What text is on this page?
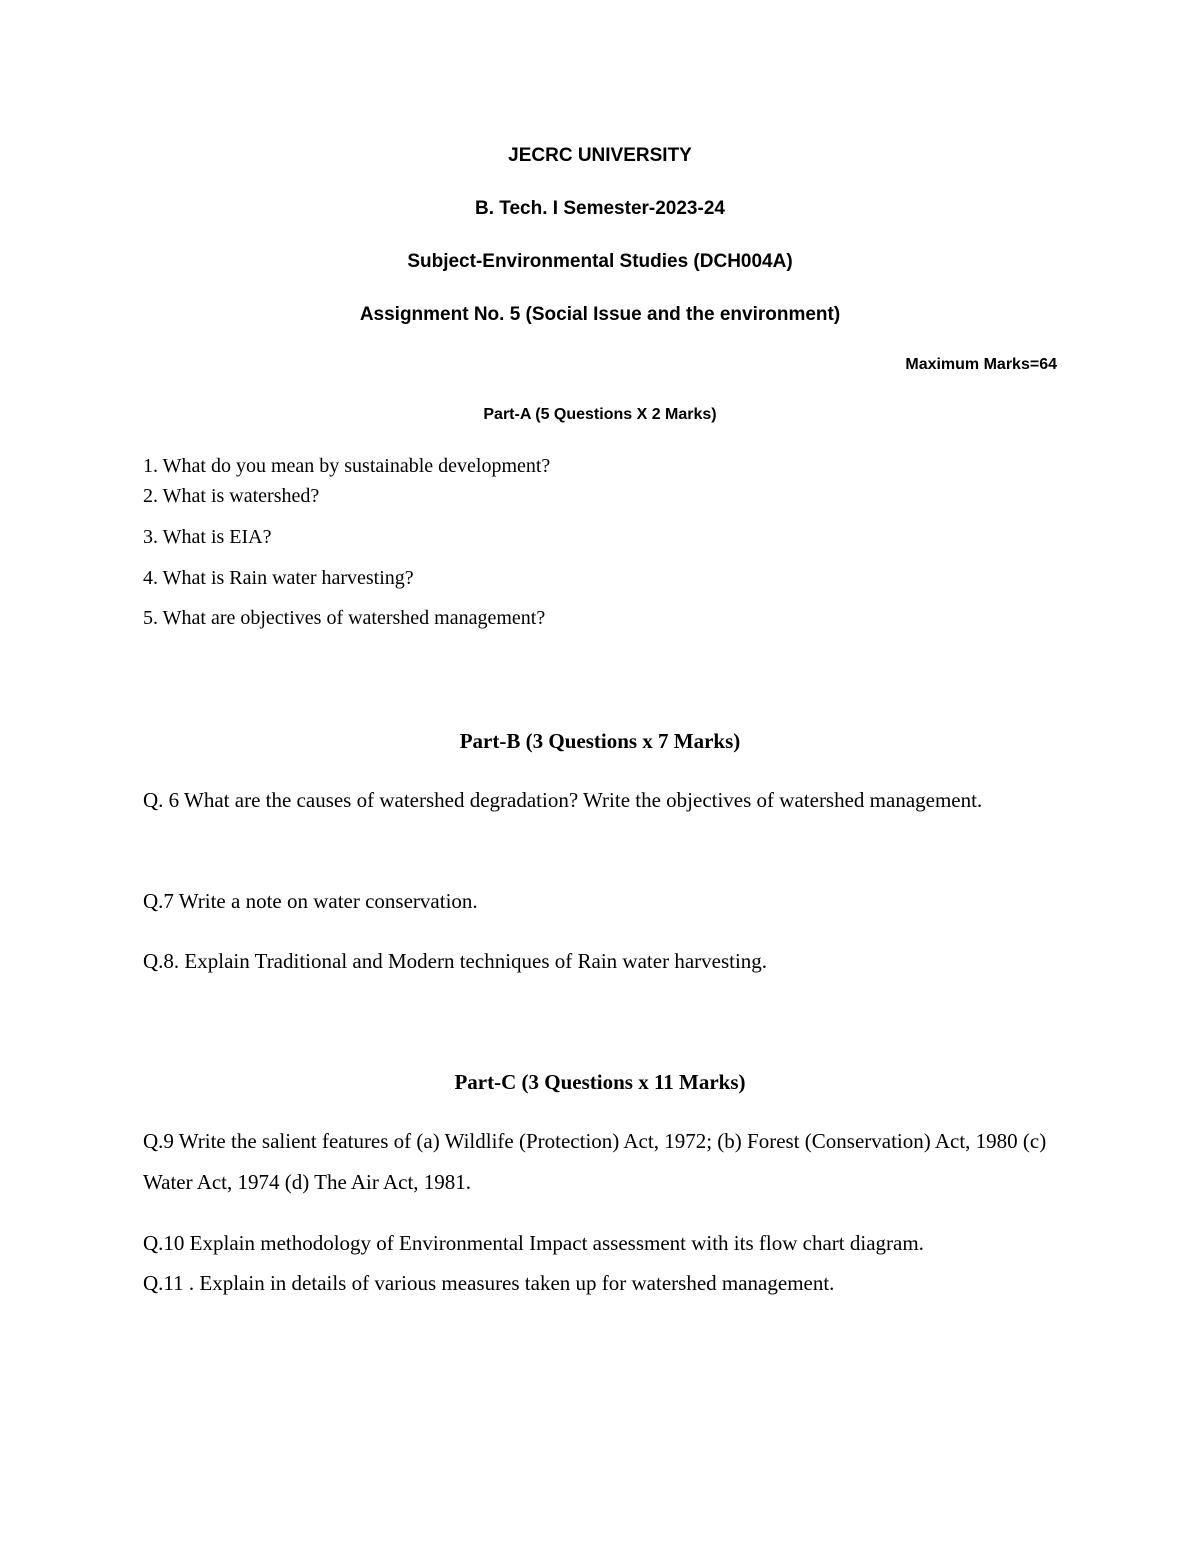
JECRC UNIVERSITY
B. Tech. I Semester-2023-24
Subject-Environmental Studies (DCH004A)
Assignment No. 5 (Social Issue and the environment)
Maximum Marks=64
Part-A (5 Questions X 2 Marks)
1. What do you mean by sustainable development?
2. What is watershed?
3. What is EIA?
4. What is Rain water harvesting?
5. What are objectives of watershed management?
Part-B (3 Questions x 7 Marks)
Q. 6 What are the causes of watershed degradation? Write the objectives of watershed management.
Q.7 Write a note on water conservation.
Q.8. Explain Traditional and Modern techniques of Rain water harvesting.
Part-C (3 Questions x 11 Marks)
Q.9 Write the salient features of (a) Wildlife (Protection) Act, 1972; (b) Forest (Conservation) Act, 1980 (c) Water Act, 1974 (d) The Air Act, 1981.
Q.10 Explain methodology of Environmental Impact assessment with its flow chart diagram.
Q.11 . Explain in details of various measures taken up for watershed management.
